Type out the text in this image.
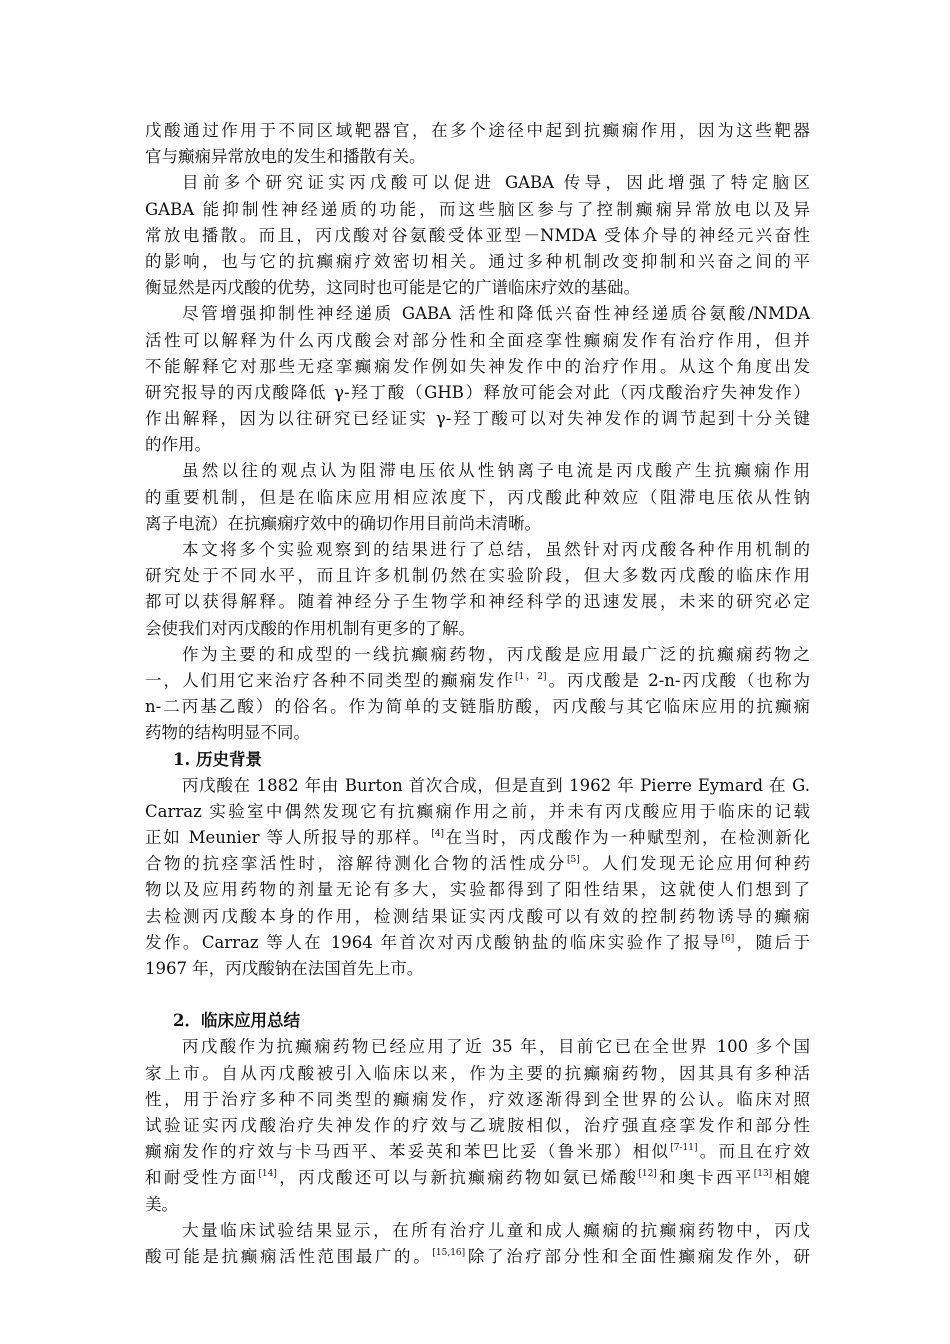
戊酸通过作用于不同区域靶器官，在多个途径中起到抗癫痫作用，因为这些靶器
官与癫痫异常放电的发生和播散有关。
目前多个研究证实丙戊酸可以促进 GABA 传导，因此增强了特定脑区
GABA 能抑制性神经递质的功能，而这些脑区参与了控制癫痫异常放电以及异
常放电播散。而且，丙戊酸对谷氨酸受体亚型－NMDA 受体介导的神经元兴奋性
的影响，也与它的抗癫痫疗效密切相关。通过多种机制改变抑制和兴奋之间的平
衡显然是丙戊酸的优势，这同时也可能是它的广谱临床疗效的基础。
尽管增强抑制性神经递质 GABA 活性和降低兴奋性神经递质谷氨酸/NMDA
活性可以解释为什么丙戊酸会对部分性和全面痉挛性癫痫发作有治疗作用，但并
不能解释它对那些无痉挛癫痫发作例如失神发作中的治疗作用。从这个角度出发
研究报导的丙戊酸降低 γ-羟丁酸（GHB）释放可能会对此（丙戊酸治疗失神发作）
作出解释，因为以往研究已经证实 γ-羟丁酸可以对失神发作的调节起到十分关键
的作用。
虽然以往的观点认为阻滞电压依从性钠离子电流是丙戊酸产生抗癫痫作用
的重要机制，但是在临床应用相应浓度下，丙戊酸此种效应（阻滞电压依从性钠
离子电流）在抗癫痫疗效中的确切作用目前尚未清晰。
本文将多个实验观察到的结果进行了总结，虽然针对丙戊酸各种作用机制的
研究处于不同水平，而且许多机制仍然在实验阶段，但大多数丙戊酸的临床作用
都可以获得解释。随着神经分子生物学和神经科学的迅速发展，未来的研究必定
会使我们对丙戊酸的作用机制有更多的了解。
作为主要的和成型的一线抗癫痫药物，丙戊酸是应用最广泛的抗癫痫药物之
一，人们用它来治疗各种不同类型的癫痫发作[1，2]。丙戊酸是 2-n-丙戊酸（也称为
n-二丙基乙酸）的俗名。作为简单的支链脂肪酸，丙戊酸与其它临床应用的抗癫痫
药物的结构明显不同。
1. 历史背景
丙戊酸在 1882 年由 Burton 首次合成，但是直到 1962 年 Pierre Eymard 在 G.
Carraz 实验室中偶然发现它有抗癫痫作用之前，并未有丙戊酸应用于临床的记载
正如 Meunier 等人所报导的那样。[4]在当时，丙戊酸作为一种赋型剂，在检测新化
合物的抗痉挛活性时，溶解待测化合物的活性成分[5]。人们发现无论应用何种药
物以及应用药物的剂量无论有多大，实验都得到了阳性结果，这就使人们想到了
去检测丙戊酸本身的作用，检测结果证实丙戊酸可以有效的控制药物诱导的癫痫
发作。Carraz 等人在 1964 年首次对丙戊酸钠盐的临床实验作了报导[6]，随后于
1967 年，丙戊酸钠在法国首先上市。
2．临床应用总结
丙戊酸作为抗癫痫药物已经应用了近 35 年，目前它已在全世界 100 多个国
家上市。自从丙戊酸被引入临床以来，作为主要的抗癫痫药物，因其具有多种活
性，用于治疗多种不同类型的癫痫发作，疗效逐渐得到全世界的公认。临床对照
试验证实丙戊酸治疗失神发作的疗效与乙琥胺相似，治疗强直痉挛发作和部分性
癫痫发作的疗效与卡马西平、苯妥英和苯巴比妥（鲁米那）相似[7-11]。而且在疗效
和耐受性方面[14]，丙戊酸还可以与新抗癫痫药物如氨已烯酸[12]和奥卡西平[13]相媲
美。
大量临床试验结果显示，在所有治疗儿童和成人癫痫的抗癫痫药物中，丙戊
酸可能是抗癫痫活性范围最广的。[15,16]除了治疗部分性和全面性癫痫发作外，研
